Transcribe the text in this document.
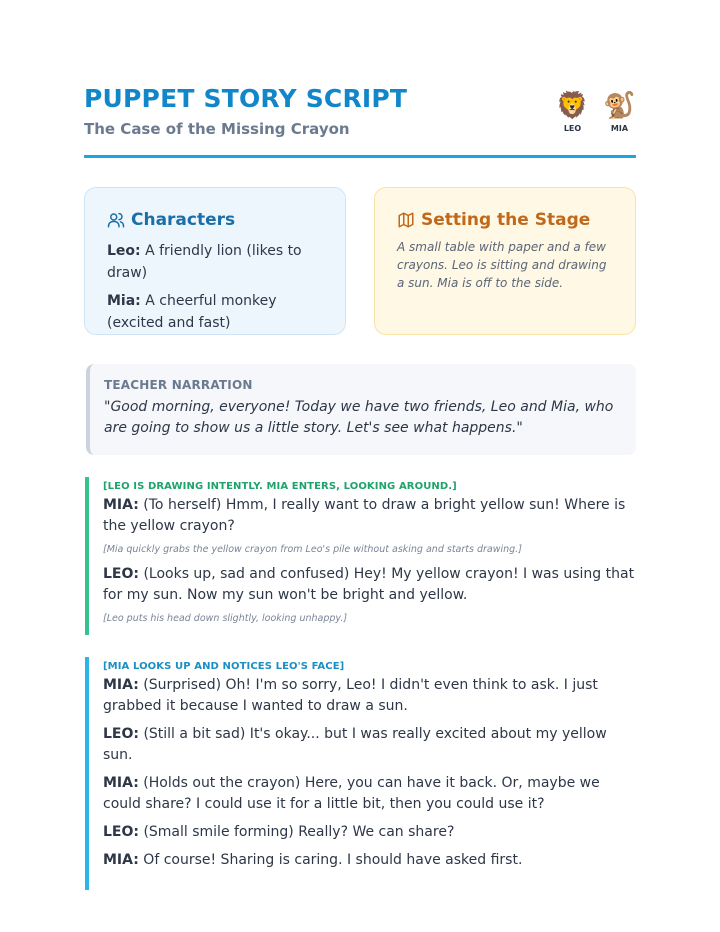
PUPPET STORY SCRIPT
The Case of the Missing Crayon
🦁
LEO
🐒
MIA
Characters
Leo: A friendly lion (likes to draw)
Mia: A cheerful monkey (excited and fast)
Setting the Stage
A small table with paper and a few crayons. Leo is sitting and drawing a sun. Mia is off to the side.
TEACHER NARRATION
"Good morning, everyone! Today we have two friends, Leo and Mia, who are going to show us a little story. Let's see what happens."
[LEO IS DRAWING INTENTLY. MIA ENTERS, LOOKING AROUND.]
MIA: (To herself) Hmm, I really want to draw a bright yellow sun! Where is the yellow crayon?
[Mia quickly grabs the yellow crayon from Leo's pile without asking and starts drawing.]
LEO: (Looks up, sad and confused) Hey! My yellow crayon! I was using that for my sun. Now my sun won't be bright and yellow.
[Leo puts his head down slightly, looking unhappy.]
[MIA LOOKS UP AND NOTICES LEO'S FACE]
MIA: (Surprised) Oh! I'm so sorry, Leo! I didn't even think to ask. I just grabbed it because I wanted to draw a sun.
LEO: (Still a bit sad) It's okay... but I was really excited about my yellow sun.
MIA: (Holds out the crayon) Here, you can have it back. Or, maybe we could share? I could use it for a little bit, then you could use it?
LEO: (Small smile forming) Really? We can share?
MIA: Of course! Sharing is caring. I should have asked first.
